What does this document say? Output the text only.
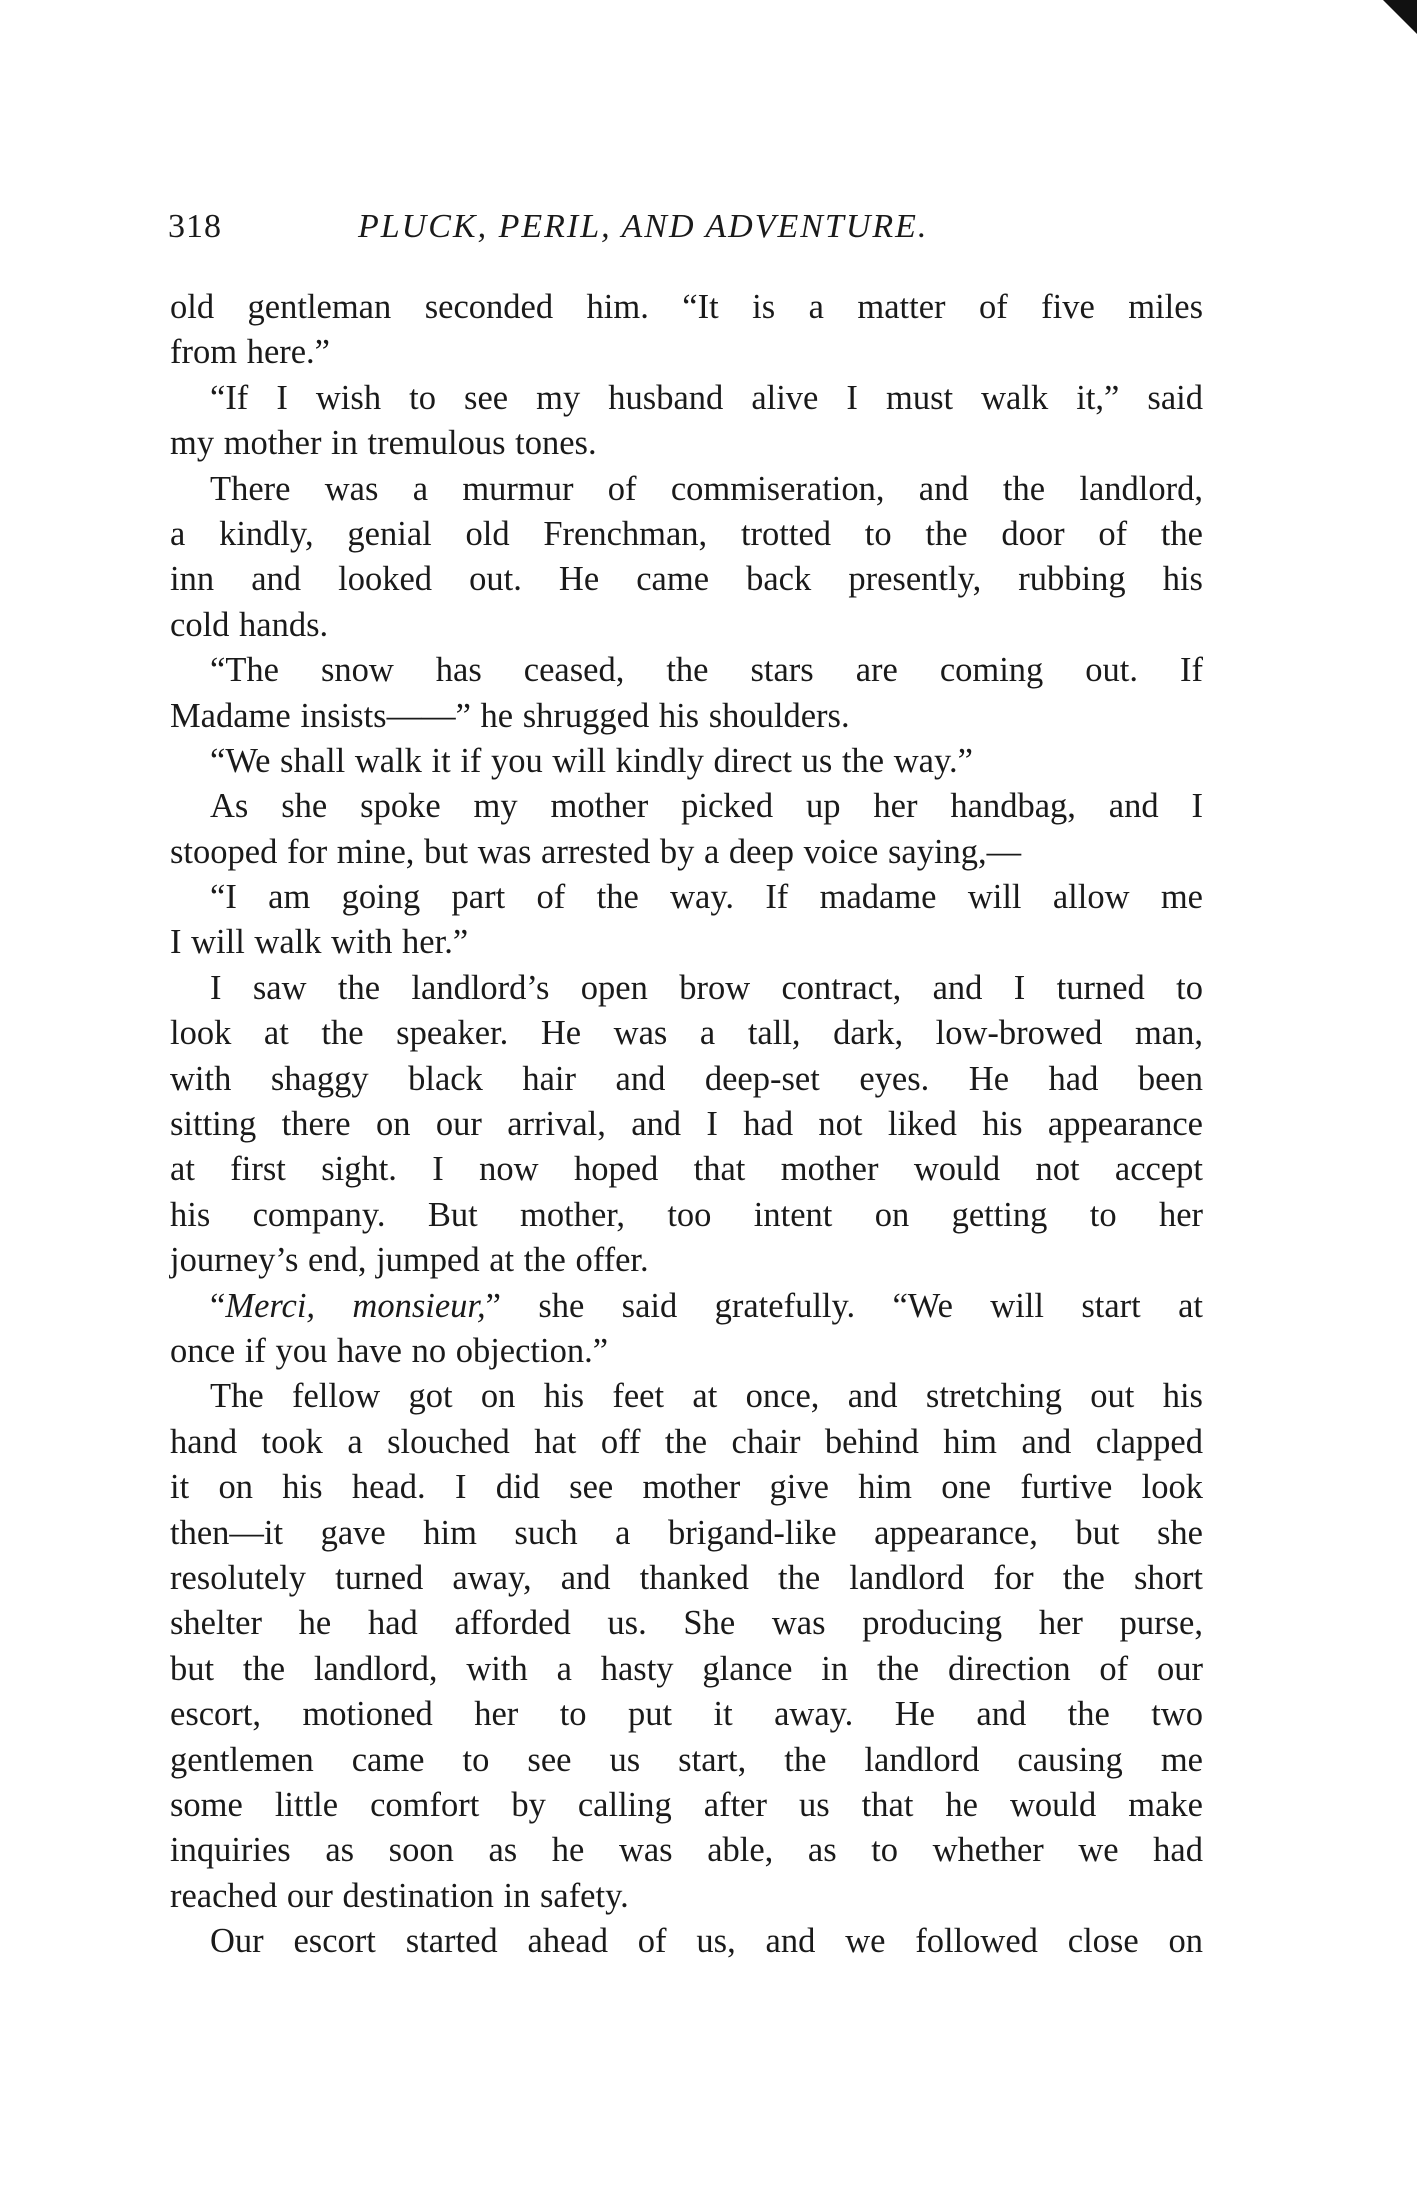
318	PLUCK, PERIL, AND ADVENTURE.
old gentleman seconded him. “It is a matter of five miles
from here.”
“If I wish to see my husband alive I must walk it,” said
my mother in tremulous tones.
There was a murmur of commiseration, and the landlord,
a kindly, genial old Frenchman, trotted to the door of the
inn and looked out. He came back presently, rubbing his
cold hands.
“The snow has ceased, the stars are coming out. If
Madame insists——” he shrugged his shoulders.
“We shall walk it if you will kindly direct us the way.”
As she spoke my mother picked up her handbag, and I
stooped for mine, but was arrested by a deep voice saying,—
“I am going part of the way. If madame will allow me
I will walk with her.”
I saw the landlord’s open brow contract, and I turned to
look at the speaker. He was a tall, dark, low-browed man,
with shaggy black hair and deep-set eyes. He had been
sitting there on our arrival, and I had not liked his appearance
at first sight. I now hoped that mother would not accept
his company. But mother, too intent on getting to her
journey’s end, jumped at the offer.
“Merci, monsieur,” she said gratefully. “We will start at
once if you have no objection.”
The fellow got on his feet at once, and stretching out his
hand took a slouched hat off the chair behind him and clapped
it on his head. I did see mother give him one furtive look
then—it gave him such a brigand-like appearance, but she
resolutely turned away, and thanked the landlord for the short
shelter he had afforded us. She was producing her purse,
but the landlord, with a hasty glance in the direction of our
escort, motioned her to put it away. He and the two
gentlemen came to see us start, the landlord causing me
some little comfort by calling after us that he would make
inquiries as soon as he was able, as to whether we had
reached our destination in safety.
Our escort started ahead of us, and we followed close on
